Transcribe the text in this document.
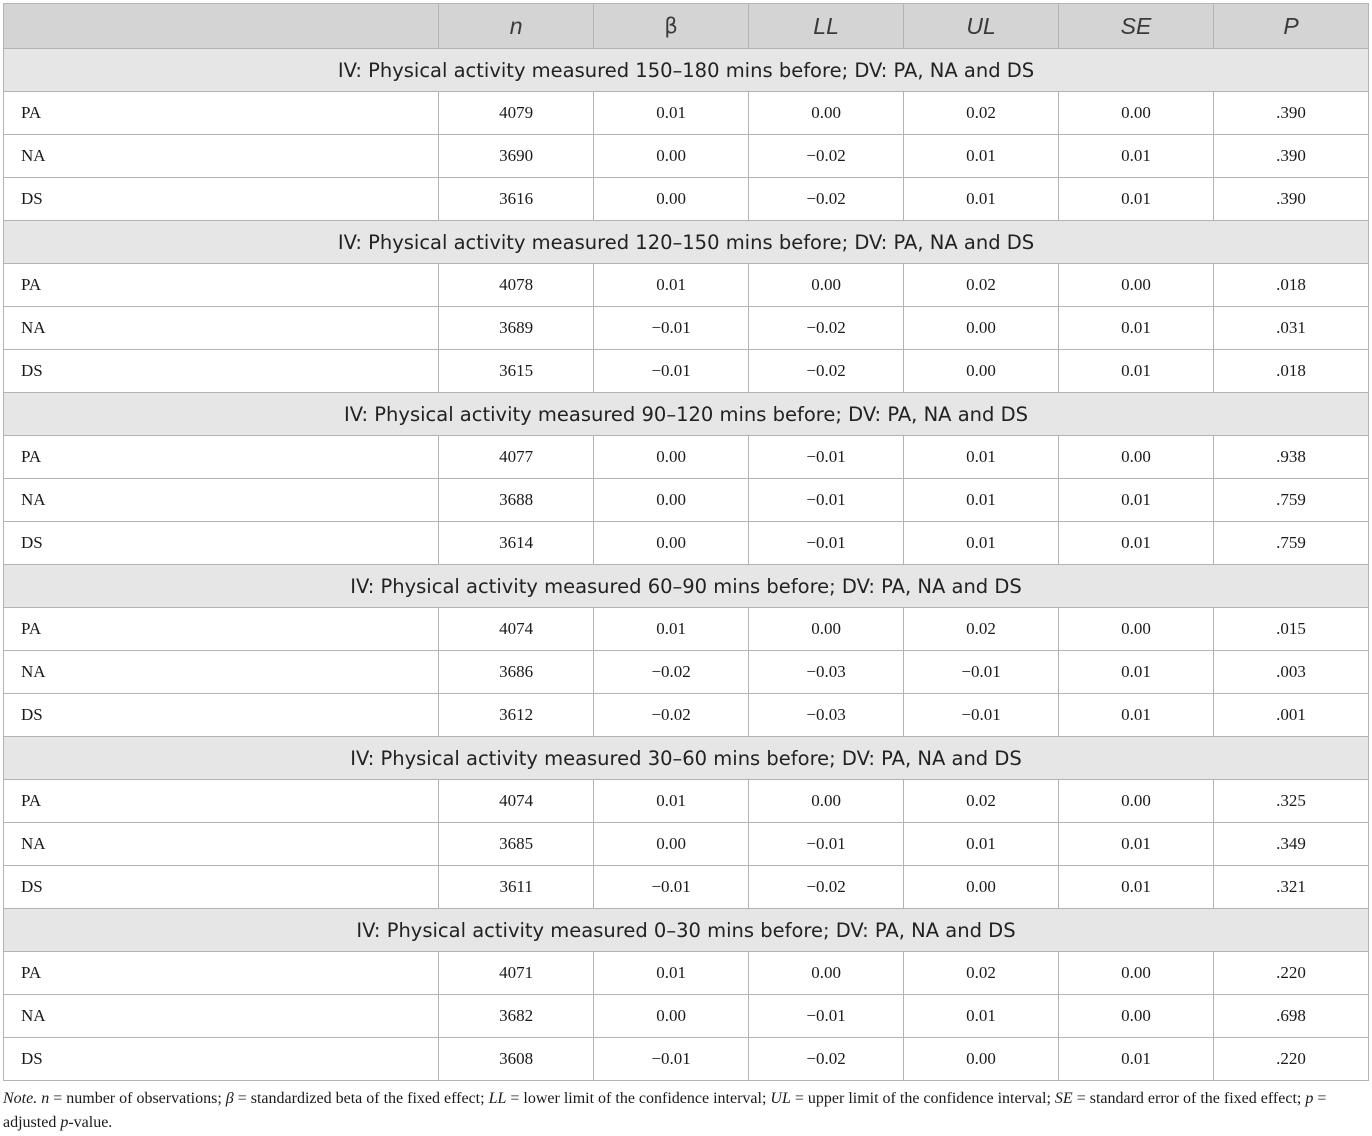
	n	β	LL	UL	SE	P
IV: Physical activity measured 150–180 mins before; DV: PA, NA and DS						
PA	4079	0.01	0.00	0.02	0.00	.390
NA	3690	0.00	−0.02	0.01	0.01	.390
DS	3616	0.00	−0.02	0.01	0.01	.390
IV: Physical activity measured 120–150 mins before; DV: PA, NA and DS						
PA	4078	0.01	0.00	0.02	0.00	.018
NA	3689	−0.01	−0.02	0.00	0.01	.031
DS	3615	−0.01	−0.02	0.00	0.01	.018
IV: Physical activity measured 90–120 mins before; DV: PA, NA and DS						
PA	4077	0.00	−0.01	0.01	0.00	.938
NA	3688	0.00	−0.01	0.01	0.01	.759
DS	3614	0.00	−0.01	0.01	0.01	.759
IV: Physical activity measured 60–90 mins before; DV: PA, NA and DS						
PA	4074	0.01	0.00	0.02	0.00	.015
NA	3686	−0.02	−0.03	−0.01	0.01	.003
DS	3612	−0.02	−0.03	−0.01	0.01	.001
IV: Physical activity measured 30–60 mins before; DV: PA, NA and DS						
PA	4074	0.01	0.00	0.02	0.00	.325
NA	3685	0.00	−0.01	0.01	0.01	.349
DS	3611	−0.01	−0.02	0.00	0.01	.321
IV: Physical activity measured 0–30 mins before; DV: PA, NA and DS						
PA	4071	0.01	0.00	0.02	0.00	.220
NA	3682	0.00	−0.01	0.01	0.00	.698
DS	3608	−0.01	−0.02	0.00	0.01	.220
Note. n = number of observations; β = standardized beta of the fixed effect; LL = lower limit of the confidence interval; UL = upper limit of the confidence interval; SE = standard error of the fixed effect; p = adjusted p-value.
